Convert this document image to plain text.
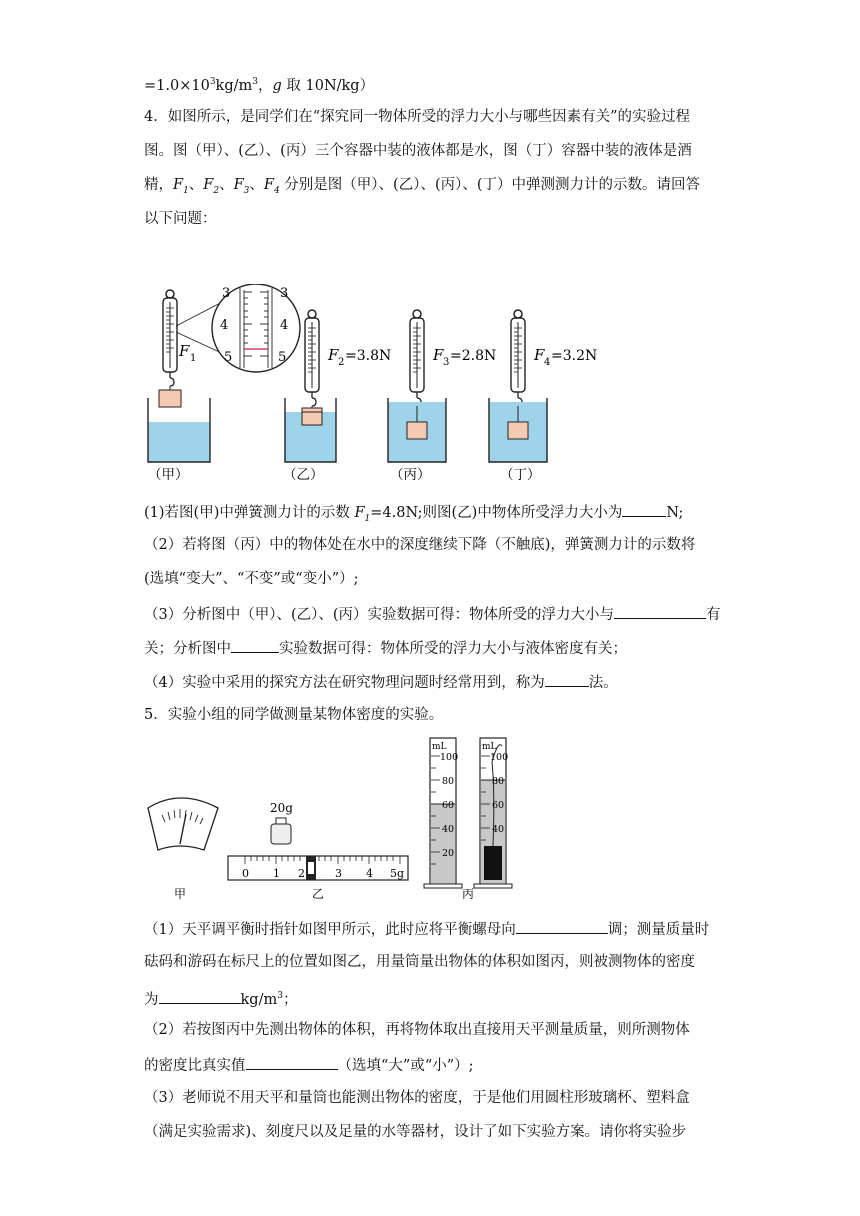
$=1.0\times 10^3kg/m^3$，g 取 10N/kg）
4．如图所示，是同学们在“探究同一物体所受的浮力大小与哪些因素有关”的实验过程
图。图（甲）、(乙）、(丙）三个容器中装的液体都是水，图（丁）容器中装的液体是酒
精，$F_1$、$F_2$、$F_3$、$F_4$ 分别是图（甲）、(乙）、(丙）、(丁）中弹测测力计的示数。请回答
以下问题：
F 1
3	3
4	4
5	5
（甲）
F 2 =3.8N
（乙）
F 3 =2.8N
（丙）
F 4 =3.2N
（丁）
(1)若图(甲)中弹簧测力计的示数 $F_1=4.8N$;则图(乙)中物体所受浮力大小为	N;
（2）若将图（丙）中的物体处在水中的深度继续下降（不触底)，弹簧测力计的示数将
(选填“变大”、“不变”或“变小”）;
（3）分析图中（甲）、(乙）、(丙）实验数据可得：物体所受的浮力大小与	有
关；分析图中	实验数据可得：物体所受的浮力大小与液体密度有关；
（4）实验中采用的探究方法在研究物理问题时经常用到，称为	法。
5．实验小组的同学做测量某物体密度的实验。
甲
20g
0 1 2	3 4 5g
乙
mL
100
80
60
40
20
mL
100
80
60
40
丙
（1）天平调平衡时指针如图甲所示，此时应将平衡螺母向	调；测量质量时
砝码和游码在标尺上的位置如图乙，用量筒量出物体的体积如图丙，则被测物体的密度
为	$kg/m^3$；
（2）若按图丙中先测出物体的体积，再将物体取出直接用天平测量质量，则所测物体
的密度比真实值	（选填“大”或“小”）;
（3）老师说不用天平和量筒也能测出物体的密度，于是他们用圆柱形玻璃杯、塑料盒
（满足实验需求)、刻度尺以及足量的水等器材，设计了如下实验方案。请你将实验步
